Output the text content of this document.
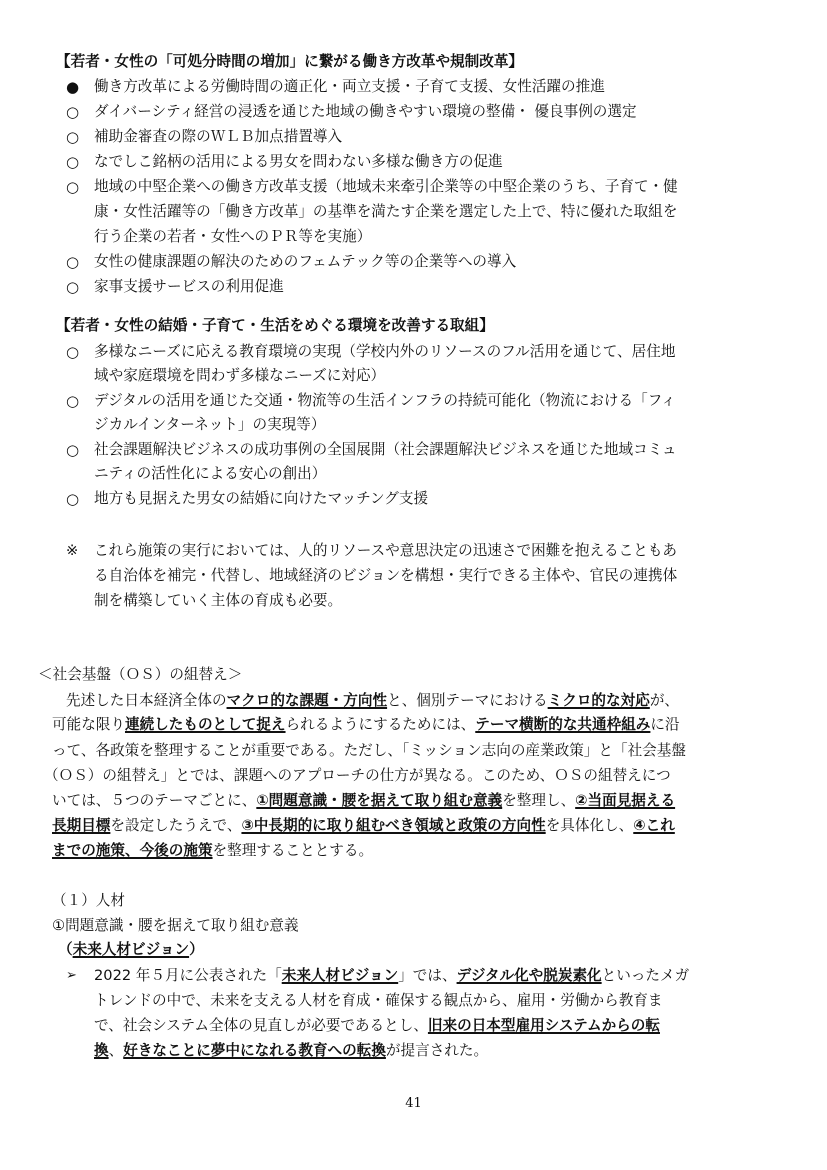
【若者・女性の「可処分時間の増加」に繋がる働き方改革や規制改革】
● 働き方改革による労働時間の適正化・両立支援・子育て支援、女性活躍の推進
○ ダイバーシティ経営の浸透を通じた地域の働きやすい環境の整備・ 優良事例の選定
○ 補助金審査の際のＷＬＢ加点措置導入
○ なでしこ銘柄の活用による男女を問わない多様な働き方の促進
○ 地域の中堅企業への働き方改革支援（地域未来牽引企業等の中堅企業のうち、子育て・健
康・女性活躍等の「働き方改革」の基準を満たす企業を選定した上で、特に優れた取組を
行う企業の若者・女性へのＰＲ等を実施）
○ 女性の健康課題の解決のためのフェムテック等の企業等への導入
○ 家事支援サービスの利用促進
【若者・女性の結婚・子育て・生活をめぐる環境を改善する取組】
○ 多様なニーズに応える教育環境の実現（学校内外のリソースのフル活用を通じて、居住地
域や家庭環境を問わず多様なニーズに対応）
○ デジタルの活用を通じた交通・物流等の生活インフラの持続可能化（物流における「フィ
ジカルインターネット」の実現等）
○ 社会課題解決ビジネスの成功事例の全国展開（社会課題解決ビジネスを通じた地域コミュ
ニティの活性化による安心の創出）
○ 地方も見据えた男女の結婚に向けたマッチング支援
※ これら施策の実行においては、人的リソースや意思決定の迅速さで困難を抱えることもあ
る自治体を補完・代替し、地域経済のビジョンを構想・実行できる主体や、官民の連携体
制を構築していく主体の育成も必要。
＜社会基盤（ＯＳ）の組替え＞
先述した日本経済全体のマクロ的な課題・方向性と、個別テーマにおけるミクロ的な対応が、
可能な限り連続したものとして捉えられるようにするためには、テーマ横断的な共通枠組みに沿
って、各政策を整理することが重要である。ただし、「ミッション志向の産業政策」と「社会基盤
（ＯＳ）の組替え」とでは、課題へのアプローチの仕方が異なる。このため、ＯＳの組替えにつ
いては、５つのテーマごとに、①問題意識・腰を据えて取り組む意義を整理し、②当面見据える
長期目標を設定したうえで、③中長期的に取り組むべき領域と政策の方向性を具体化し、④これ
までの施策、今後の施策を整理することとする。
（１）人材
①問題意識・腰を据えて取り組む意義
（未来人材ビジョン）
➢ 2022 年５月に公表された「未来人材ビジョン」では、デジタル化や脱炭素化といったメガ
トレンドの中で、未来を支える人材を育成・確保する観点から、雇用・労働から教育ま
で、社会システム全体の見直しが必要であるとし、旧来の日本型雇用システムからの転
換、好きなことに夢中になれる教育への転換が提言された。
41
